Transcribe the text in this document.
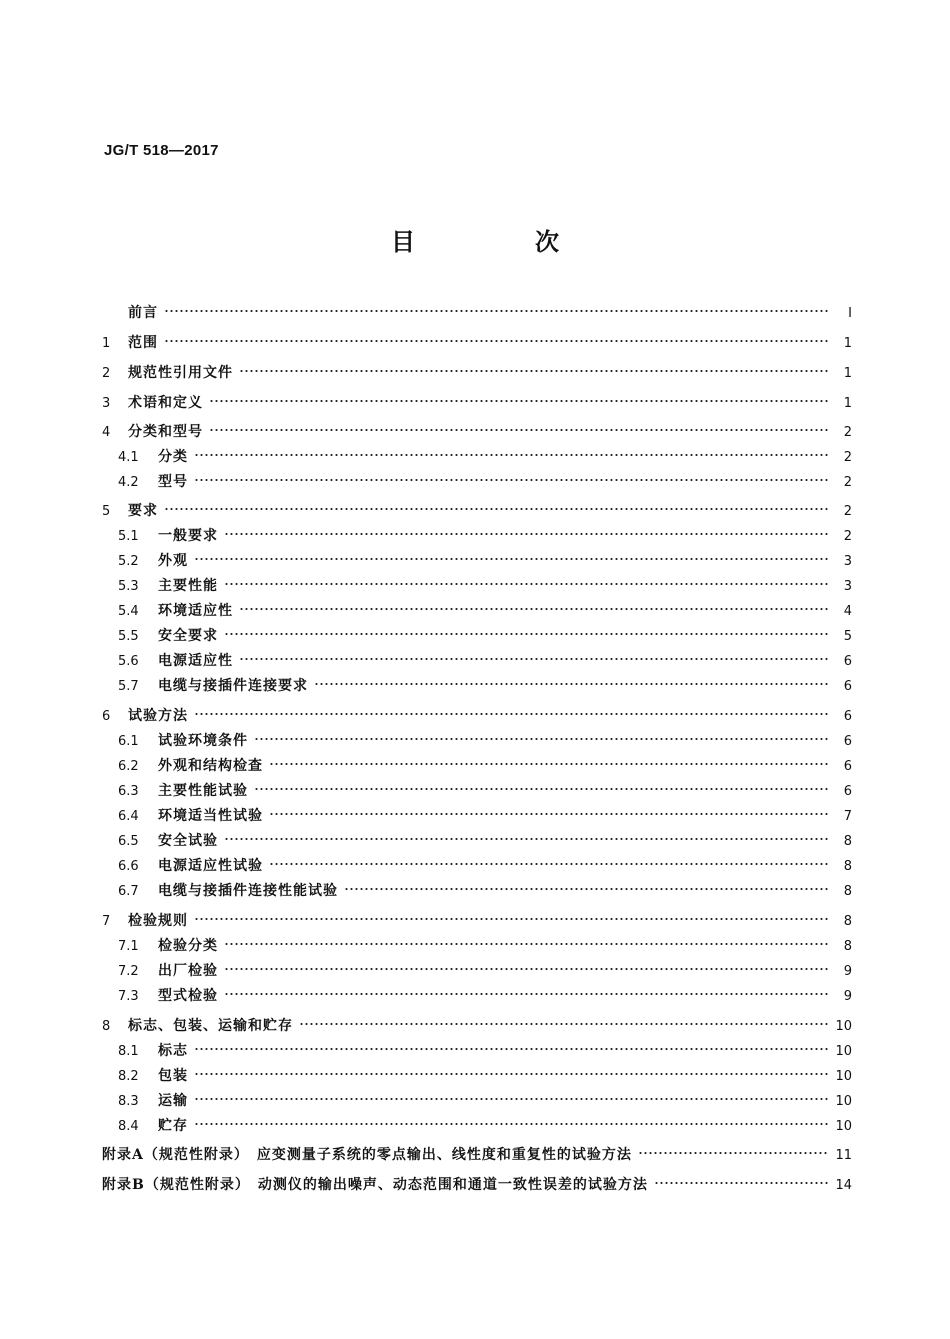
JG/T 518—2017
目　次
前言	Ⅰ
1	范围	1
2	规范性引用文件	1
3	术语和定义	1
4	分类和型号	2
4.1	分类	2
4.2	型号	2
5	要求	2
5.1	一般要求	2
5.2	外观	3
5.3	主要性能	3
5.4	环境适应性	4
5.5	安全要求	5
5.6	电源适应性	6
5.7	电缆与接插件连接要求	6
6	试验方法	6
6.1	试验环境条件	6
6.2	外观和结构检查	6
6.3	主要性能试验	6
6.4	环境适当性试验	7
6.5	安全试验	8
6.6	电源适应性试验	8
6.7	电缆与接插件连接性能试验	8
7	检验规则	8
7.1	检验分类	8
7.2	出厂检验	9
7.3	型式检验	9
8	标志、包装、运输和贮存	10
8.1	标志	10
8.2	包装	10
8.3	运输	10
8.4	贮存	10
附录A（规范性附录）　应变测量子系统的零点输出、线性度和重复性的试验方法	11
附录B（规范性附录）　动测仪的输出噪声、动态范围和通道一致性误差的试验方法	14
